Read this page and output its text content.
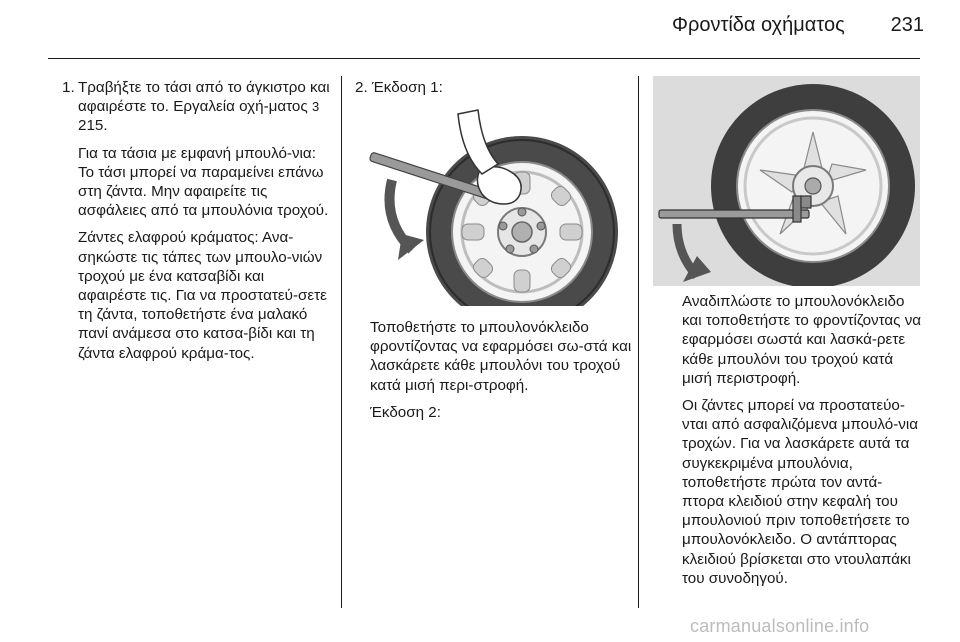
Φροντίδα οχήματος	231
1. Τραβήξτε το τάσι από το άγκιστρο και αφαιρέστε το. Εργαλεία οχή-ματος 3 215.

Για τα τάσια με εμφανή μπουλό-νια: Το τάσι μπορεί να παραμείνει επάνω στη ζάντα. Μην αφαιρείτε τις ασφάλειες από τα μπουλόνια τροχού.

Ζάντες ελαφρού κράματος: Ανα-σηκώστε τις τάπες των μπουλο-νιών τροχού με ένα κατσαβίδι και αφαιρέστε τις. Για να προστατεύ-σετε τη ζάντα, τοποθετήστε ένα μαλακό πανί ανάμεσα στο κατσα-βίδι και τη ζάντα ελαφρού κράμα-τος.

2. Έκδοση 1:

Τοποθετήστε το μπουλονόκλειδο φροντίζοντας να εφαρμόσει σω-στά και λασκάρετε κάθε μπουλόνι του τροχού κατά μισή περι-στροφή.

Έκδοση 2:

Αναδιπλώστε το μπουλονόκλειδο και τοποθετήστε το φροντίζοντας να εφαρμόσει σωστά και λασκά-ρετε κάθε μπουλόνι του τροχού κατά μισή περιστροφή.

Οι ζάντες μπορεί να προστατεύο-νται από ασφαλιζόμενα μπουλό-νια τροχών. Για να λασκάρετε αυτά τα συγκεκριμένα μπουλόνια, τοποθετήστε πρώτα τον αντά-πτορα κλειδιού στην κεφαλή του μπουλονιού πριν τοποθετήσετε το μπουλονόκλειδο. Ο αντάπτορας κλειδιού βρίσκεται στο ντουλαπάκι του συνοδηγού.

carmanualsonline.info
